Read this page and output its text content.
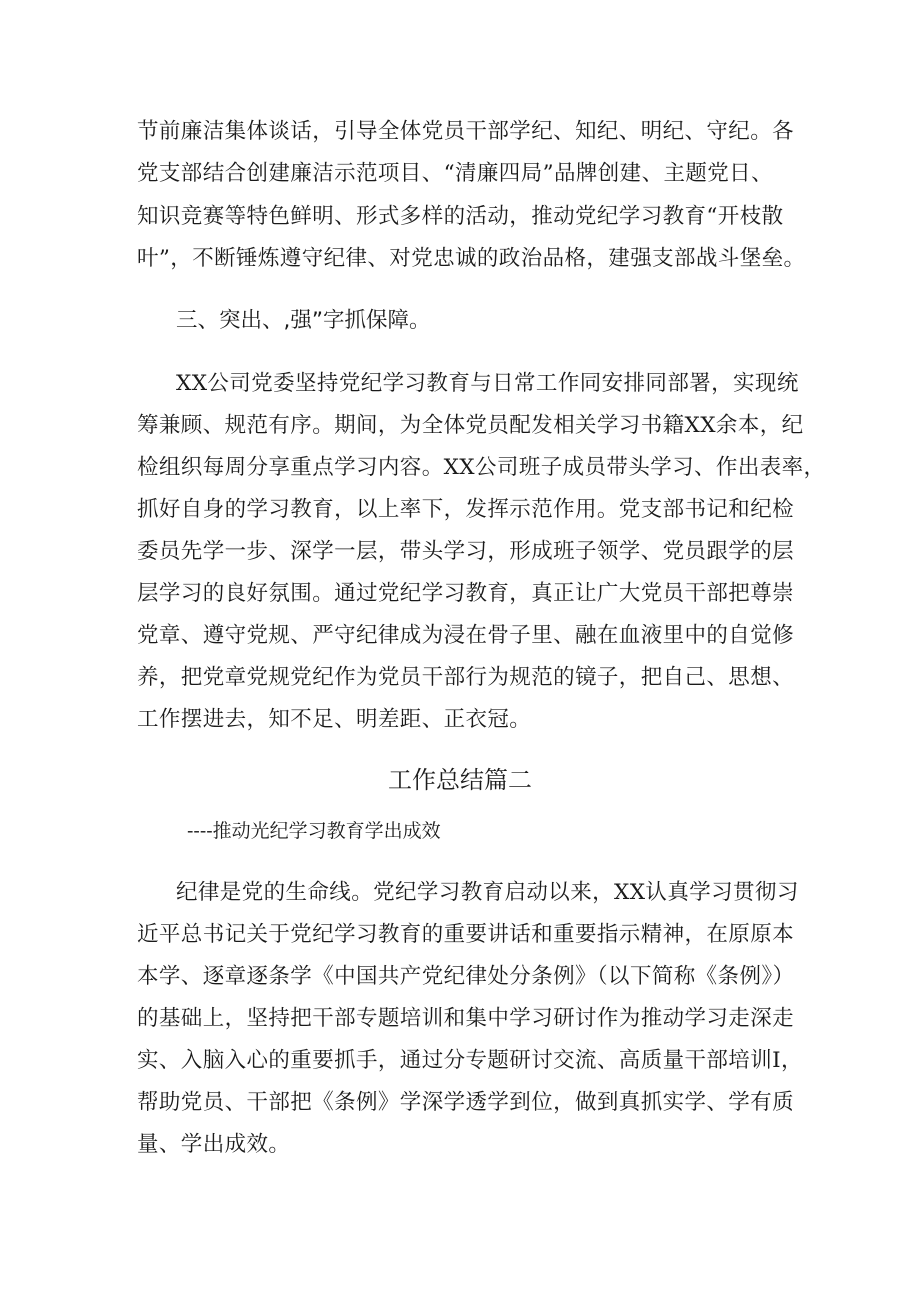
节前廉洁集体谈话，引导全体党员干部学纪、知纪、明纪、守纪。各
党支部结合创建廉洁示范项目、“清廉四局”品牌创建、主题党日、
知识竞赛等特色鲜明、形式多样的活动，推动党纪学习教育“开枝散
叶”，不断锤炼遵守纪律、对党忠诚的政治品格，建强支部战斗堡垒。
三、突出、,强”字抓保障。
XX公司党委坚持党纪学习教育与日常工作同安排同部署，实现统
筹兼顾、规范有序。期间，为全体党员配发相关学习书籍XX余本，纪
检组织每周分享重点学习内容。XX公司班子成员带头学习、作出表率，
抓好自身的学习教育，以上率下，发挥示范作用。党支部书记和纪检
委员先学一步、深学一层，带头学习，形成班子领学、党员跟学的层
层学习的良好氛围。通过党纪学习教育，真正让广大党员干部把尊崇
党章、遵守党规、严守纪律成为浸在骨子里、融在血液里中的自觉修
养，把党章党规党纪作为党员干部行为规范的镜子，把自己、思想、
工作摆进去，知不足、明差距、正衣冠。
工作总结篇二
----推动光纪学习教育学出成效
纪律是党的生命线。党纪学习教育启动以来，XX认真学习贯彻习
近平总书记关于党纪学习教育的重要讲话和重要指示精神，在原原本
本学、逐章逐条学《中国共产党纪律处分条例》（以下简称《条例》）
的基础上，坚持把干部专题培训和集中学习研讨作为推动学习走深走
实、入脑入心的重要抓手，通过分专题研讨交流、高质量干部培训I，
帮助党员、干部把《条例》学深学透学到位，做到真抓实学、学有质
量、学出成效。
